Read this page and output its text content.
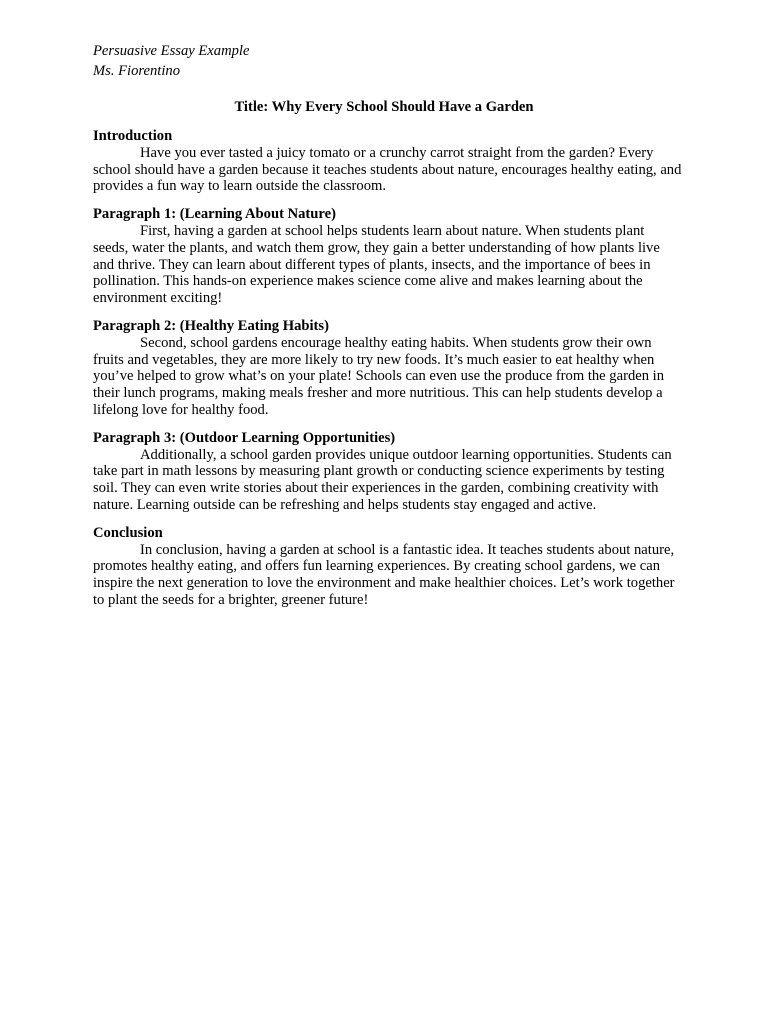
Persuasive Essay Example
Ms. Fiorentino
Title: Why Every School Should Have a Garden
Introduction

Have you ever tasted a juicy tomato or a crunchy carrot straight from the garden? Every school should have a garden because it teaches students about nature, encourages healthy eating, and provides a fun way to learn outside the classroom.

Paragraph 1: (Learning About Nature)

First, having a garden at school helps students learn about nature. When students plant seeds, water the plants, and watch them grow, they gain a better understanding of how plants live and thrive. They can learn about different types of plants, insects, and the importance of bees in pollination. This hands-on experience makes science come alive and makes learning about the environment exciting!

Paragraph 2: (Healthy Eating Habits)

Second, school gardens encourage healthy eating habits. When students grow their own fruits and vegetables, they are more likely to try new foods. It’s much easier to eat healthy when you’ve helped to grow what’s on your plate! Schools can even use the produce from the garden in their lunch programs, making meals fresher and more nutritious. This can help students develop a lifelong love for healthy food.

Paragraph 3: (Outdoor Learning Opportunities)

Additionally, a school garden provides unique outdoor learning opportunities. Students can take part in math lessons by measuring plant growth or conducting science experiments by testing soil. They can even write stories about their experiences in the garden, combining creativity with nature. Learning outside can be refreshing and helps students stay engaged and active.

Conclusion

In conclusion, having a garden at school is a fantastic idea. It teaches students about nature, promotes healthy eating, and offers fun learning experiences. By creating school gardens, we can inspire the next generation to love the environment and make healthier choices. Let’s work together to plant the seeds for a brighter, greener future!
